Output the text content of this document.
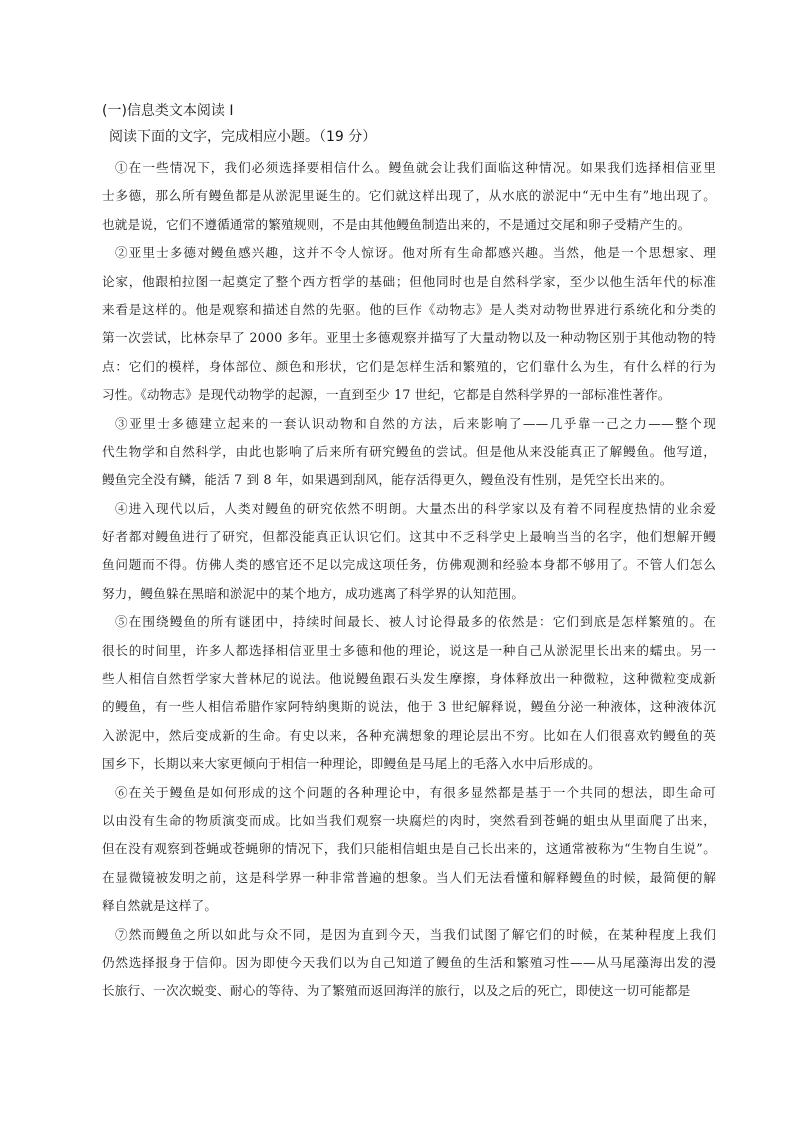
(一)信息类文本阅读 I
阅读下面的文字，完成相应小题。（19 分）
①在一些情况下，我们必须选择要相信什么。鳗鱼就会让我们面临这种情况。如果我们选择相信亚里
士多德，那么所有鳗鱼都是从淤泥里诞生的。它们就这样出现了，从水底的淤泥中“无中生有”地出现了。
也就是说，它们不遵循通常的繁殖规则，不是由其他鳗鱼制造出来的，不是通过交尾和卵子受精产生的。
②亚里士多德对鳗鱼感兴趣，这并不令人惊讶。他对所有生命都感兴趣。当然，他是一个思想家、理
论家，他跟柏拉图一起奠定了整个西方哲学的基础；但他同时也是自然科学家，至少以他生活年代的标准
来看是这样的。他是观察和描述自然的先驱。他的巨作《动物志》是人类对动物世界进行系统化和分类的
第一次尝试，比林奈早了 2000 多年。亚里士多德观察并描写了大量动物以及一种动物区别于其他动物的特
点：它们的模样，身体部位、颜色和形状，它们是怎样生活和繁殖的，它们靠什么为生，有什么样的行为
习性。《动物志》是现代动物学的起源，一直到至少 17 世纪，它都是自然科学界的一部标准性著作。
③亚里士多德建立起来的一套认识动物和自然的方法，后来影响了——几乎靠一己之力——整个现
代生物学和自然科学，由此也影响了后来所有研究鳗鱼的尝试。但是他从来没能真正了解鳗鱼。他写道，
鳗鱼完全没有鳞，能活 7 到 8 年，如果遇到刮风，能存活得更久，鳗鱼没有性别，是凭空长出来的。
④进入现代以后，人类对鳗鱼的研究依然不明朗。大量杰出的科学家以及有着不同程度热情的业余爱
好者都对鳗鱼进行了研究，但都没能真正认识它们。这其中不乏科学史上最响当当的名字，他们想解开鳗
鱼问题而不得。仿佛人类的感官还不足以完成这项任务，仿佛观测和经验本身都不够用了。不管人们怎么
努力，鳗鱼躲在黑暗和淤泥中的某个地方，成功逃离了科学界的认知范围。
⑤在围绕鳗鱼的所有谜团中，持续时间最长、被人讨论得最多的依然是：它们到底是怎样繁殖的。在
很长的时间里，许多人都选择相信亚里士多德和他的理论，说这是一种自己从淤泥里长出来的蠕虫。另一
些人相信自然哲学家大普林尼的说法。他说鳗鱼跟石头发生摩擦，身体释放出一种微粒，这种微粒变成新
的鳗鱼，有一些人相信希腊作家阿特纳奥斯的说法，他于 3 世纪解释说，鳗鱼分泌一种液体，这种液体沉
入淤泥中，然后变成新的生命。有史以来，各种充满想象的理论层出不穷。比如在人们很喜欢钓鳗鱼的英
国乡下，长期以来大家更倾向于相信一种理论，即鳗鱼是马尾上的毛落入水中后形成的。
⑥在关于鳗鱼是如何形成的这个问题的各种理论中，有很多显然都是基于一个共同的想法，即生命可
以由没有生命的物质演变而成。比如当我们观察一块腐烂的肉时，突然看到苍蝇的蛆虫从里面爬了出来，
但在没有观察到苍蝇或苍蝇卵的情况下，我们只能相信蛆虫是自己长出来的，这通常被称为“生物自生说”。
在显微镜被发明之前，这是科学界一种非常普遍的想象。当人们无法看懂和解释鳗鱼的时候，最简便的解
释自然就是这样了。
⑦然而鳗鱼之所以如此与众不同，是因为直到今天，当我们试图了解它们的时候，在某种程度上我们
仍然选择报身于信仰。因为即使今天我们以为自己知道了鳗鱼的生活和繁殖习性——从马尾藻海出发的漫
长旅行、一次次蜕变、耐心的等待、为了繁殖而返回海洋的旅行，以及之后的死亡，即使这一切可能都是
